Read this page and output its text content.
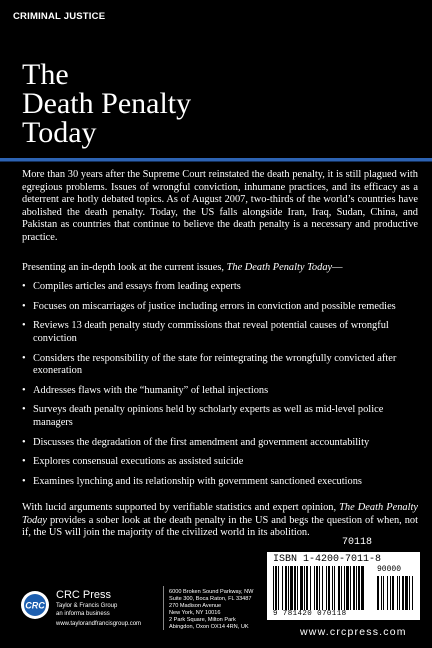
CRIMINAL JUSTICE
The
Death Penalty
Today

More than 30 years after the Supreme Court reinstated the death penalty, it is still plagued with egregious problems. Issues of wrongful conviction, inhumane practices, and its efficacy as a deterrent are hotly debated topics. As of August 2007, two-thirds of the world’s countries have abolished the death penalty. Today, the US falls alongside Iran, Iraq, Sudan, China, and Pakistan as countries that continue to believe the death penalty is a necessary and productive practice.

Presenting an in-depth look at the current issues, The Death Penalty Today—

• Compiles articles and essays from leading experts
• Focuses on miscarriages of justice including errors in conviction and possible remedies
• Reviews 13 death penalty study commissions that reveal potential causes of wrongful conviction
• Considers the responsibility of the state for reintegrating the wrongfully convicted after exoneration
• Addresses flaws with the “humanity” of lethal injections
• Surveys death penalty opinions held by scholarly experts as well as mid-level police managers
• Discusses the degradation of the first amendment and government accountability
• Explores consensual executions as assisted suicide
• Examines lynching and its relationship with government sanctioned executions

With lucid arguments supported by verifiable statistics and expert opinion, The Death Penalty Today provides a sober look at the death penalty in the US and begs the question of when, not if, the US will join the majority of the civilized world in its abolition.

70118
ISBN 1-4200-7011-8
90000
9 781420 070118
CRC
CRC Press
Taylor & Francis Group
an informa business
www.taylorandfrancisgroup.com

6000 Broken Sound Parkway, NW
Suite 300, Boca Raton, FL 33487

270 Madison Avenue
New York, NY 10016

2 Park Square, Milton Park
Abingdon, Oxon OX14 4RN, UK	www.crcpress.com
